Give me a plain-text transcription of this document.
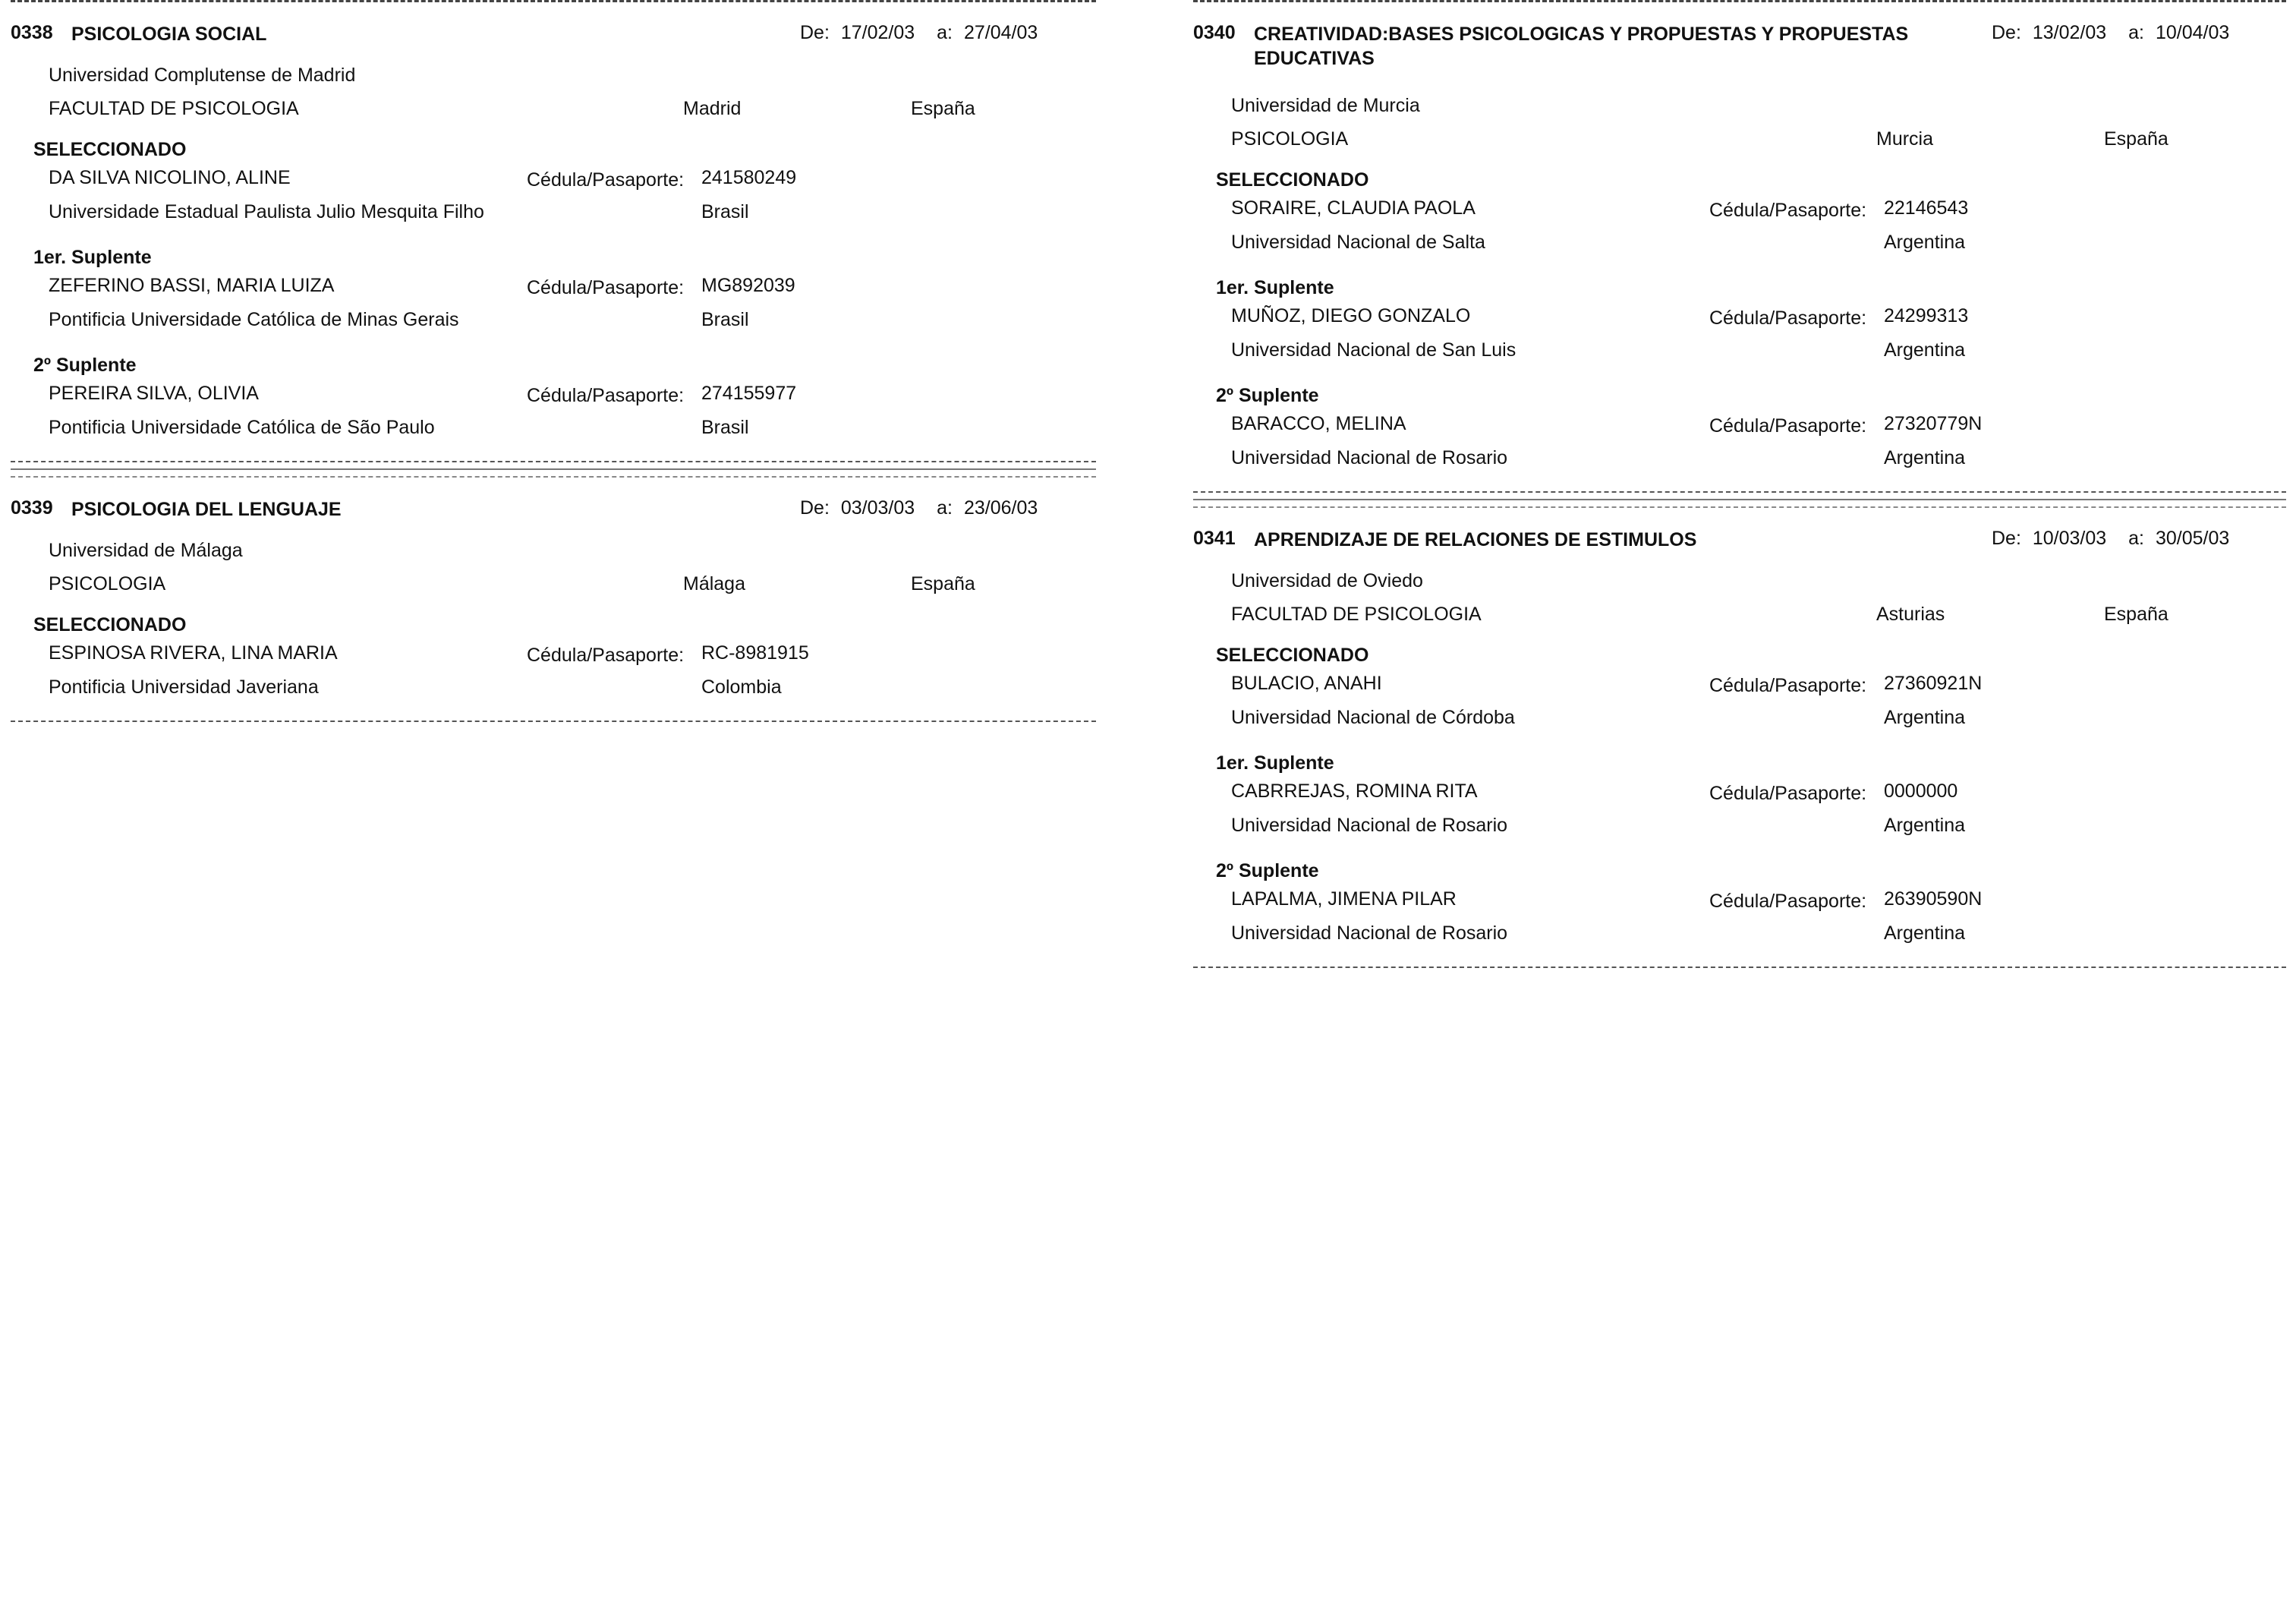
0338 PSICOLOGIA SOCIAL	De: 17/02/03 a: 27/04/03
Universidad Complutense de Madrid
FACULTAD DE PSICOLOGIA	Madrid	España
SELECCIONADO
DA SILVA NICOLINO, ALINE	Cédula/Pasaporte: 241580249
Universidade Estadual Paulista Julio Mesquita Filho	Brasil
1er. Suplente
ZEFERINO BASSI, MARIA LUIZA	Cédula/Pasaporte: MG892039
Pontificia Universidade Católica de Minas Gerais	Brasil
2º Suplente
PEREIRA SILVA, OLIVIA	Cédula/Pasaporte: 274155977
Pontificia Universidade Católica de São Paulo	Brasil
0339 PSICOLOGIA DEL LENGUAJE	De: 03/03/03 a: 23/06/03
Universidad de Málaga
PSICOLOGIA	Málaga	España
SELECCIONADO
ESPINOSA RIVERA, LINA MARIA	Cédula/Pasaporte: RC-8981915
Pontificia Universidad Javeriana	Colombia
0340 CREATIVIDAD:BASES PSICOLOGICAS Y PROPUESTAS Y PROPUESTAS EDUCATIVAS
De: 13/02/03 a: 10/04/03
Universidad de Murcia
PSICOLOGIA	Murcia	España
SELECCIONADO
SORAIRE, CLAUDIA PAOLA	Cédula/Pasaporte: 22146543
Universidad Nacional de Salta	Argentina
1er. Suplente
MUÑOZ, DIEGO GONZALO	Cédula/Pasaporte: 24299313
Universidad Nacional de San Luis	Argentina
2º Suplente
BARACCO, MELINA	Cédula/Pasaporte: 27320779N
Universidad Nacional de Rosario	Argentina
0341 APRENDIZAJE DE RELACIONES DE ESTIMULOS	De: 10/03/03 a: 30/05/03
Universidad de Oviedo
FACULTAD DE PSICOLOGIA	Asturias	España
SELECCIONADO
BULACIO, ANAHI	Cédula/Pasaporte: 27360921N
Universidad Nacional de Córdoba	Argentina
1er. Suplente
CABRREJAS, ROMINA RITA	Cédula/Pasaporte: 0000000
Universidad Nacional de Rosario	Argentina
2º Suplente
LAPALMA, JIMENA PILAR	Cédula/Pasaporte: 26390590N
Universidad Nacional de Rosario	Argentina
